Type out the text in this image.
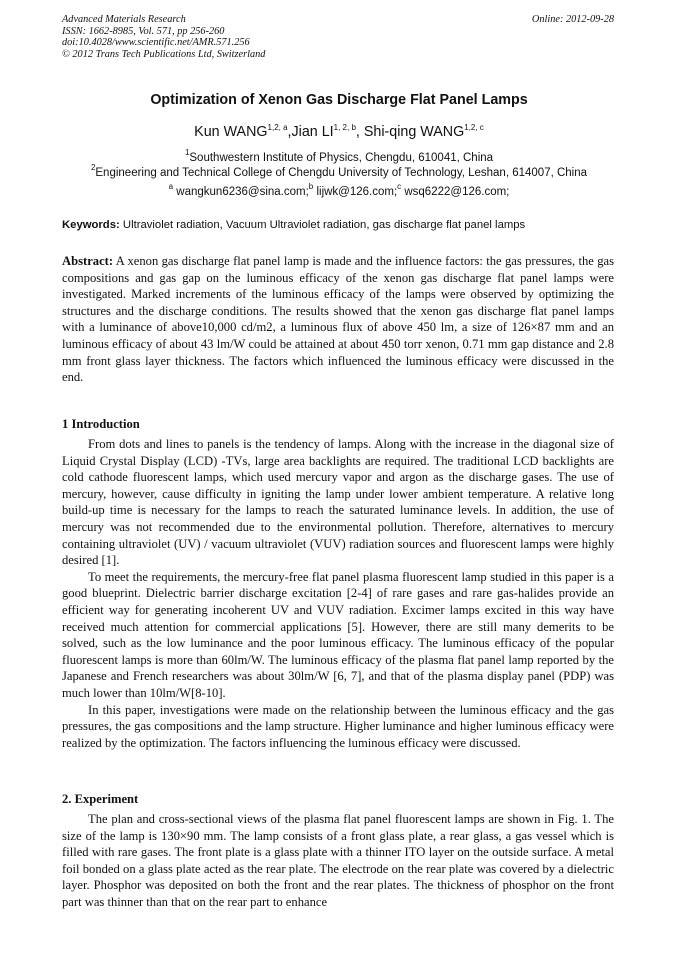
Advanced Materials Research
ISSN: 1662-8985, Vol. 571, pp 256-260
doi:10.4028/www.scientific.net/AMR.571.256
© 2012 Trans Tech Publications Ltd, Switzerland
Online: 2012-09-28
Optimization of Xenon Gas Discharge Flat Panel Lamps
Kun WANG$^{1,2, a}$,Jian LI$^{1, 2, b}$, Shi-qing WANG$^{1,2, c}$
$^1$Southwestern Institute of Physics, Chengdu, 610041, China
$^2$Engineering and Technical College of Chengdu University of Technology, Leshan, 614007, China
$^a$ wangkun6236@sina.com;$^b$ lijwk@126.com;$^c$ wsq6222@126.com;
Keywords: Ultraviolet radiation, Vacuum Ultraviolet radiation, gas discharge flat panel lamps

Abstract: A xenon gas discharge flat panel lamp is made and the influence factors: the gas pressures, the gas compositions and gas gap on the luminous efficacy of the xenon gas discharge flat panel lamps were investigated. Marked increments of the luminous efficacy of the lamps were observed by optimizing the structures and the discharge conditions. The results showed that the xenon gas discharge flat panel lamps with a luminance of above10,000 cd/m2, a luminous flux of above 450 lm, a size of 126×87 mm and an luminous efficacy of about 43 lm/W could be attained at about 450 torr xenon, 0.71 mm gap distance and 2.8 mm front glass layer thickness. The factors which influenced the luminous efficacy were discussed in the end.

1 Introduction

From dots and lines to panels is the tendency of lamps. Along with the increase in the diagonal size of Liquid Crystal Display (LCD) -TVs, large area backlights are required. The traditional LCD backlights are cold cathode fluorescent lamps, which used mercury vapor and argon as the discharge gases. The use of mercury, however, cause difficulty in igniting the lamp under lower ambient temperature. A relative long build-up time is necessary for the lamps to reach the saturated luminance levels. In addition, the use of mercury was not recommended due to the environmental pollution. Therefore, alternatives to mercury containing ultraviolet (UV) / vacuum ultraviolet (VUV) radiation sources and fluorescent lamps were highly desired [1].

To meet the requirements, the mercury-free flat panel plasma fluorescent lamp studied in this paper is a good blueprint. Dielectric barrier discharge excitation [2-4] of rare gases and rare gas-halides provide an efficient way for generating incoherent UV and VUV radiation. Excimer lamps excited in this way have received much attention for commercial applications [5]. However, there are still many demerits to be solved, such as the low luminance and the poor luminous efficacy. The luminous efficacy of the popular fluorescent lamps is more than 60lm/W. The luminous efficacy of the plasma flat panel lamp reported by the Japanese and French researchers was about 30lm/W [6, 7], and that of the plasma display panel (PDP) was much lower than 10lm/W[8-10].

In this paper, investigations were made on the relationship between the luminous efficacy and the gas pressures, the gas compositions and the lamp structure. Higher luminance and higher luminous efficacy were realized by the optimization. The factors influencing the luminous efficacy were discussed.

2. Experiment

The plan and cross-sectional views of the plasma flat panel fluorescent lamps are shown in Fig. 1. The size of the lamp is 130×90 mm. The lamp consists of a front glass plate, a rear glass, a gas vessel which is filled with rare gases. The front plate is a glass plate with a thinner ITO layer on the outside surface. A metal foil bonded on a glass plate acted as the rear plate. The electrode on the rear plate was covered by a dielectric layer. Phosphor was deposited on both the front and the rear plates. The thickness of phosphor on the front part was thinner than that on the rear part to enhance
